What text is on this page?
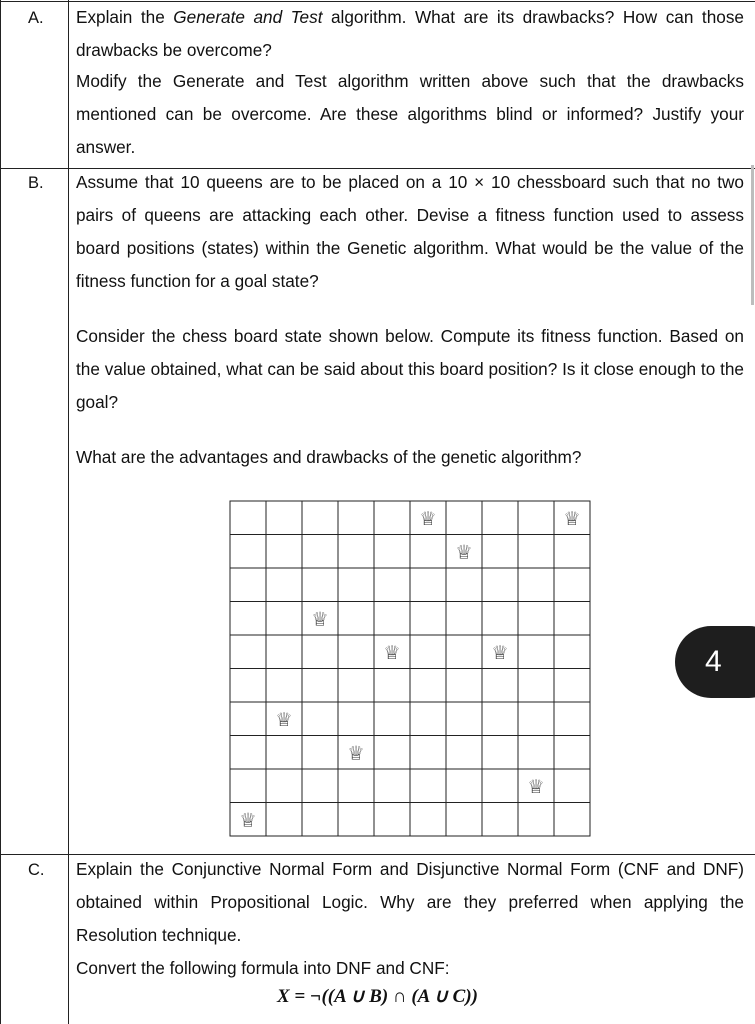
A. Explain the Generate and Test algorithm. What are its drawbacks? How can those drawbacks be overcome?

Modify the Generate and Test algorithm written above such that the drawbacks mentioned can be overcome. Are these algorithms blind or informed? Justify your answer.

B. Assume that 10 queens are to be placed on a 10 × 10 chessboard such that no two pairs of queens are attacking each other. Devise a fitness function used to assess board positions (states) within the Genetic algorithm. What would be the value of the fitness function for a goal state?

Consider the chess board state shown below. Compute its fitness function. Based on the value obtained, what can be said about this board position? Is it close enough to the goal?

What are the advantages and drawbacks of the genetic algorithm?

♕	♕
♕
♕
♕	♕
♕
♕
♕
♕
C. Explain the Conjunctive Normal Form and Disjunctive Normal Form (CNF and DNF) obtained within Propositional Logic. Why are they preferred when applying the Resolution technique.

Convert the following formula into DNF and CNF:

X = ¬((A ∪ B) ∩ (A ∪ C))
4
